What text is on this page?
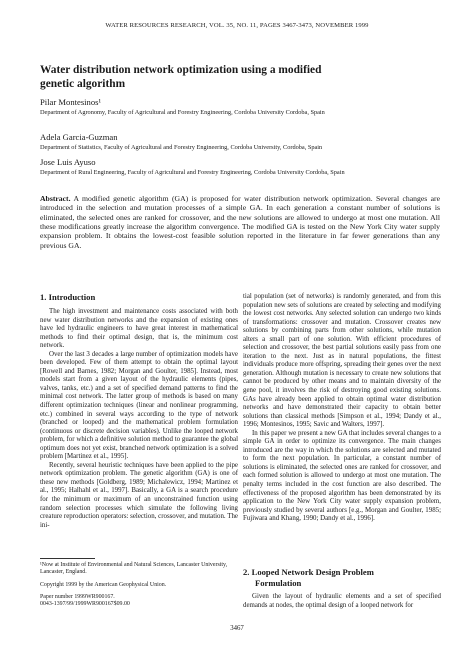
WATER RESOURCES RESEARCH, VOL. 35, NO. 11, PAGES 3467-3473, NOVEMBER 1999
Water distribution network optimization using a modified genetic algorithm
Pilar Montesinos¹
Department of Agronomy, Faculty of Agricultural and Forestry Engineering, Cordoba University Cordoba, Spain
Adela Garcia-Guzman
Department of Statistics, Faculty of Agricultural and Forestry Engineering, Cordoba University, Cordoba, Spain
Jose Luis Ayuso
Department of Rural Engineering, Faculty of Agricultural and Forestry Engineering, Cordoba University Cordoba, Spain
Abstract. A modified genetic algorithm (GA) is proposed for water distribution network optimization. Several changes are introduced in the selection and mutation processes of a simple GA. In each generation a constant number of solutions is eliminated, the selected ones are ranked for crossover, and the new solutions are allowed to undergo at most one mutation. All these modifications greatly increase the algorithm convergence. The modified GA is tested on the New York City water supply expansion problem. It obtains the lowest-cost feasible solution reported in the literature in far fewer generations than any previous GA.
1. Introduction

The high investment and maintenance costs associated with both new water distribution networks and the expansion of existing ones have led hydraulic engineers to have great interest in mathematical methods to find their optimal design, that is, the minimum cost network.

Over the last 3 decades a large number of optimization models have been developed. Few of them attempt to obtain the optimal layout [Rowell and Barnes, 1982; Morgan and Goulter, 1985]. Instead, most models start from a given layout of the hydraulic elements (pipes, valves, tanks, etc.) and a set of specified demand patterns to find the minimal cost network. The latter group of methods is based on many different optimization techniques (linear and nonlinear programming, etc.) combined in several ways according to the type of network (branched or looped) and the mathematical problem formulation (continuous or discrete decision variables). Unlike the looped network problem, for which a definitive solution method to guarantee the global optimum does not yet exist, branched network optimization is a solved problem [Martinez et al., 1995].

Recently, several heuristic techniques have been applied to the pipe network optimization problem. The genetic algorithm (GA) is one of these new methods [Goldberg, 1989; Michalewicz, 1994; Martinez et al., 1995; Halhahl et al., 1997]. Basically, a GA is a search procedure for the minimum or maximum of an unconstrained function using random selection processes which simulate the following living creature reproduction operators: selection, crossover, and mutation. The ini-

¹Now at Institute of Environmental and Natural Sciences, Lancaster University, Lancaster, England.

Copyright 1999 by the American Geophysical Union.

Paper number 1999WR900167.

0043-1397/99/1999WR900167$09.00

tial population (set of networks) is randomly generated, and from this population new sets of solutions are created by selecting and modifying the lowest cost networks. Any selected solution can undergo two kinds of transformations: crossover and mutation. Crossover creates new solutions by combining parts from other solutions, while mutation alters a small part of one solution. With efficient procedures of selection and crossover, the best partial solutions easily pass from one iteration to the next. Just as in natural populations, the fittest individuals produce more offspring, spreading their genes over the next generation. Although mutation is necessary to create new solutions that cannot be produced by other means and to maintain diversity of the gene pool, it involves the risk of destroying good existing solutions. GAs have already been applied to obtain optimal water distribution networks and have demonstrated their capacity to obtain better solutions than classical methods [Simpson et al., 1994; Dandy et al., 1996; Montesinos, 1995; Savic and Walters, 1997].

In this paper we present a new GA that includes several changes to a simple GA in order to optimize its convergence. The main changes introduced are the way in which the solutions are selected and mutated to form the next population. In particular, a constant number of solutions is eliminated, the selected ones are ranked for crossover, and each formed solution is allowed to undergo at most one mutation. The penalty terms included in the cost function are also described. The effectiveness of the proposed algorithm has been demonstrated by its application to the New York City water supply expansion problem, previously studied by several authors [e.g., Morgan and Goulter, 1985; Fujiwara and Khang, 1990; Dandy et al., 1996].

2. Looped Network Design Problem
Formulation

Given the layout of hydraulic elements and a set of specified demands at nodes, the optimal design of a looped network for

3467
